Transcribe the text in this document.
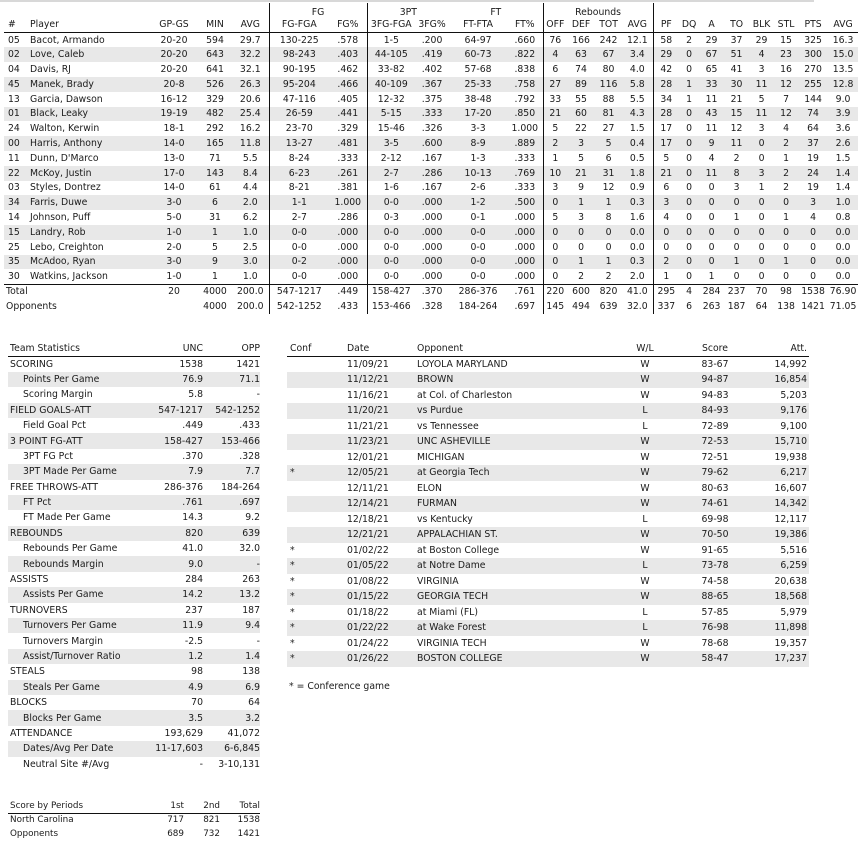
					FG		3PT		FT		Rebounds											
#	Player	GP-GS	MIN	AVG	FG-FGA	FG%	3FG-FGA	3FG%	FT-FTA	FT%	OFF	DEF	TOT	AVG	PF	DQ	A	TO	BLK	STL	PTS	AVG
05	Bacot, Armando	20-20	594	29.7	130-225	.578	1-5	.200	64-97	.660	76	166	242	12.1	58	2	29	37	29	15	325	16.3
02	Love, Caleb	20-20	643	32.2	98-243	.403	44-105	.419	60-73	.822	4	63	67	3.4	29	0	67	51	4	23	300	15.0
04	Davis, RJ	20-20	641	32.1	90-195	.462	33-82	.402	57-68	.838	6	74	80	4.0	42	0	65	41	3	16	270	13.5
45	Manek, Brady	20-8	526	26.3	95-204	.466	40-109	.367	25-33	.758	27	89	116	5.8	28	1	33	30	11	12	255	12.8
13	Garcia, Dawson	16-12	329	20.6	47-116	.405	12-32	.375	38-48	.792	33	55	88	5.5	34	1	11	21	5	7	144	9.0
01	Black, Leaky	19-19	482	25.4	26-59	.441	5-15	.333	17-20	.850	21	60	81	4.3	28	0	43	15	11	12	74	3.9
24	Walton, Kerwin	18-1	292	16.2	23-70	.329	15-46	.326	3-3	1.000	5	22	27	1.5	17	0	11	12	3	4	64	3.6
00	Harris, Anthony	14-0	165	11.8	13-27	.481	3-5	.600	8-9	.889	2	3	5	0.4	17	0	9	11	0	2	37	2.6
11	Dunn, D'Marco	13-0	71	5.5	8-24	.333	2-12	.167	1-3	.333	1	5	6	0.5	5	0	4	2	0	1	19	1.5
22	McKoy, Justin	17-0	143	8.4	6-23	.261	2-7	.286	10-13	.769	10	21	31	1.8	21	0	11	8	3	2	24	1.4
03	Styles, Dontrez	14-0	61	4.4	8-21	.381	1-6	.167	2-6	.333	3	9	12	0.9	6	0	0	3	1	2	19	1.4
34	Farris, Duwe	3-0	6	2.0	1-1	1.000	0-0	.000	1-2	.500	0	1	1	0.3	3	0	0	0	0	0	3	1.0
14	Johnson, Puff	5-0	31	6.2	2-7	.286	0-3	.000	0-1	.000	5	3	8	1.6	4	0	0	1	0	1	4	0.8
15	Landry, Rob	1-0	1	1.0	0-0	.000	0-0	.000	0-0	.000	0	0	0	0.0	0	0	0	0	0	0	0	0.0
25	Lebo, Creighton	2-0	5	2.5	0-0	.000	0-0	.000	0-0	.000	0	0	0	0.0	0	0	0	0	0	0	0	0.0
35	McAdoo, Ryan	3-0	9	3.0	0-2	.000	0-0	.000	0-0	.000	0	1	1	0.3	2	0	0	1	0	1	0	0.0
30	Watkins, Jackson	1-0	1	1.0	0-0	.000	0-0	.000	0-0	.000	0	2	2	2.0	1	0	1	0	0	0	0	0.0
Total		20	4000	200.0	547-1217	.449	158-427	.370	286-376	.761	220	600	820	41.0	295	4	284	237	70	98	1538	76.90
Opponents			4000	200.0	542-1252	.433	153-466	.328	184-264	.697	145	494	639	32.0	337	6	263	187	64	138	1421	71.05
Team Statistics	UNC	OPP
SCORING	1538	1421
Points Per Game	76.9	71.1
Scoring Margin	5.8	-
FIELD GOALS-ATT	547-1217	542-1252
Field Goal Pct	.449	.433
3 POINT FG-ATT	158-427	153-466
3PT FG Pct	.370	.328
3PT Made Per Game	7.9	7.7
FREE THROWS-ATT	286-376	184-264
FT Pct	.761	.697
FT Made Per Game	14.3	9.2
REBOUNDS	820	639
Rebounds Per Game	41.0	32.0
Rebounds Margin	9.0	-
ASSISTS	284	263
Assists Per Game	14.2	13.2
TURNOVERS	237	187
Turnovers Per Game	11.9	9.4
Turnovers Margin	-2.5	-
Assist/Turnover Ratio	1.2	1.4
STEALS	98	138
Steals Per Game	4.9	6.9
BLOCKS	70	64
Blocks Per Game	3.5	3.2
ATTENDANCE	193,629	41,072
Dates/Avg Per Date	11-17,603	6-6,845
Neutral Site #/Avg	-	3-10,131
Conf	Date	Opponent	W/L	Score	Att.
	11/09/21	LOYOLA MARYLAND	W	83-67	14,992
	11/12/21	BROWN	W	94-87	16,854
	11/16/21	at Col. of Charleston	W	94-83	5,203
	11/20/21	vs Purdue	L	84-93	9,176
	11/21/21	vs Tennessee	L	72-89	9,100
	11/23/21	UNC ASHEVILLE	W	72-53	15,710
	12/01/21	MICHIGAN	W	72-51	19,938
*	12/05/21	at Georgia Tech	W	79-62	6,217
	12/11/21	ELON	W	80-63	16,607
	12/14/21	FURMAN	W	74-61	14,342
	12/18/21	vs Kentucky	L	69-98	12,117
	12/21/21	APPALACHIAN ST.	W	70-50	19,386
*	01/02/22	at Boston College	W	91-65	5,516
*	01/05/22	at Notre Dame	L	73-78	6,259
*	01/08/22	VIRGINIA	W	74-58	20,638
*	01/15/22	GEORGIA TECH	W	88-65	18,568
*	01/18/22	at Miami (FL)	L	57-85	5,979
*	01/22/22	at Wake Forest	L	76-98	11,898
*	01/24/22	VIRGINIA TECH	W	78-68	19,357
*	01/26/22	BOSTON COLLEGE	W	58-47	17,237
* = Conference game
Score by Periods	1st	2nd	Total
North Carolina	717	821	1538
Opponents	689	732	1421
